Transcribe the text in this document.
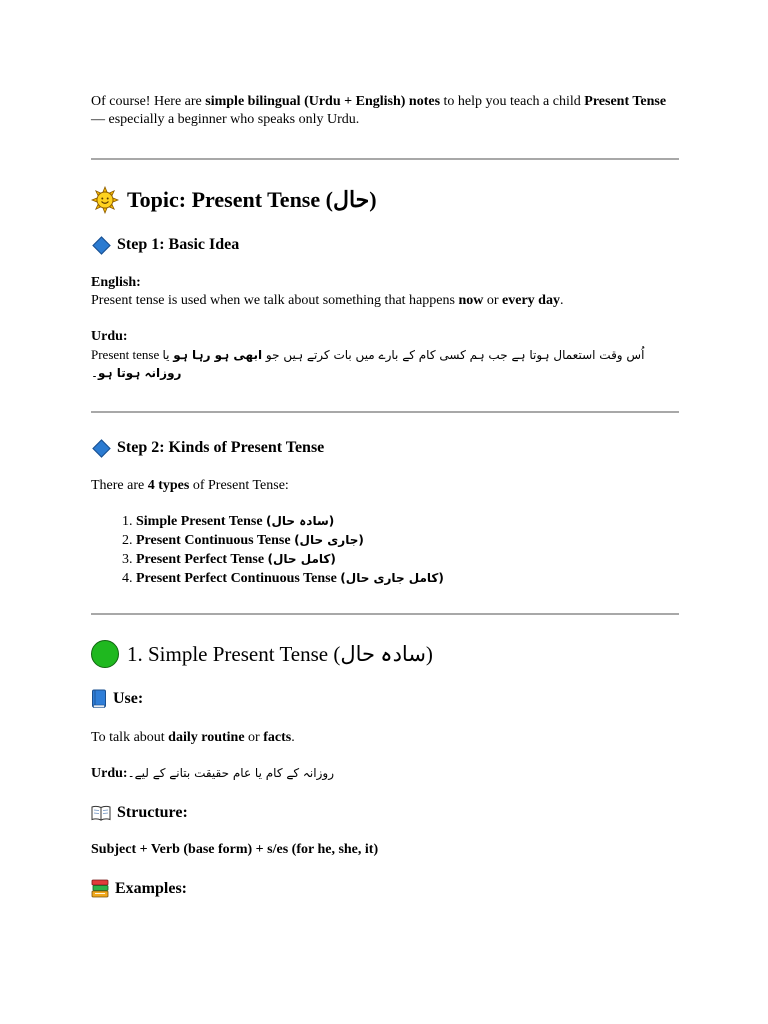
Of course! Here are simple bilingual (Urdu + English) notes to help you teach a child Present Tense — especially a beginner who speaks only Urdu.
Topic: Present Tense (حال)
Step 1: Basic Idea

English:

Present tense is used when we talk about something that happens now or every day.

Urdu:

Present tense	اُس وقت استعمال ہوتا ہے جب ہم کسی کام کے بارے میں بات کرتے ہیں جو ابھی ہو رہا ہو یا روزانہ ہوتا ہو۔

Step 2: Kinds of Present Tense
There are 4 types of Present Tense:
1. Simple Present Tense (سادہ حال)
2. Present Continuous Tense (جاری حال)
3. Present Perfect Tense (کامل حال)
4. Present Perfect Continuous Tense (کامل جاری حال)
1. Simple Present Tense (سادہ حال)
Use:
To talk about daily routine or facts.
Urdu: روزانہ کے کام یا عام حقیقت بتانے کے لیے۔
Structure:
Subject + Verb (base form) + s/es (for he, she, it)
Examples:
